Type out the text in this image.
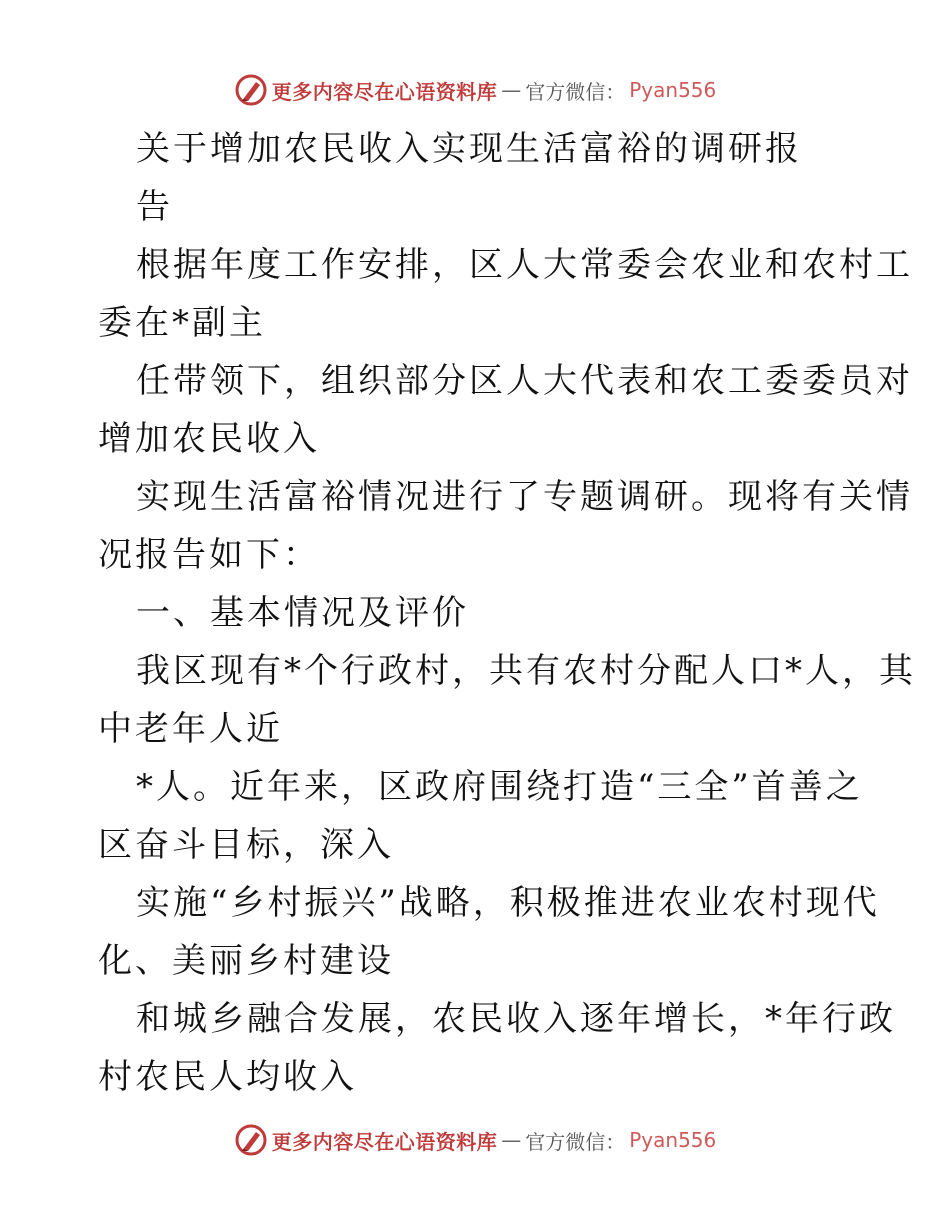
更多内容尽在心语资料库 — 官方微信： Pyan556
关于增加农民收入实现生活富裕的调研报
告
根据年度工作安排，区人大常委会农业和农村工
委在*副主
任带领下，组织部分区人大代表和农工委委员对
增加农民收入
实现生活富裕情况进行了专题调研。现将有关情
况报告如下：
一、基本情况及评价
我区现有*个行政村，共有农村分配人口*人，其
中老年人近
*人。近年来，区政府围绕打造“三全”首善之
区奋斗目标，深入
实施“乡村振兴”战略，积极推进农业农村现代
化、美丽乡村建设
和城乡融合发展，农民收入逐年增长，*年行政
村农民人均收入
更多内容尽在心语资料库 — 官方微信： Pyan556
